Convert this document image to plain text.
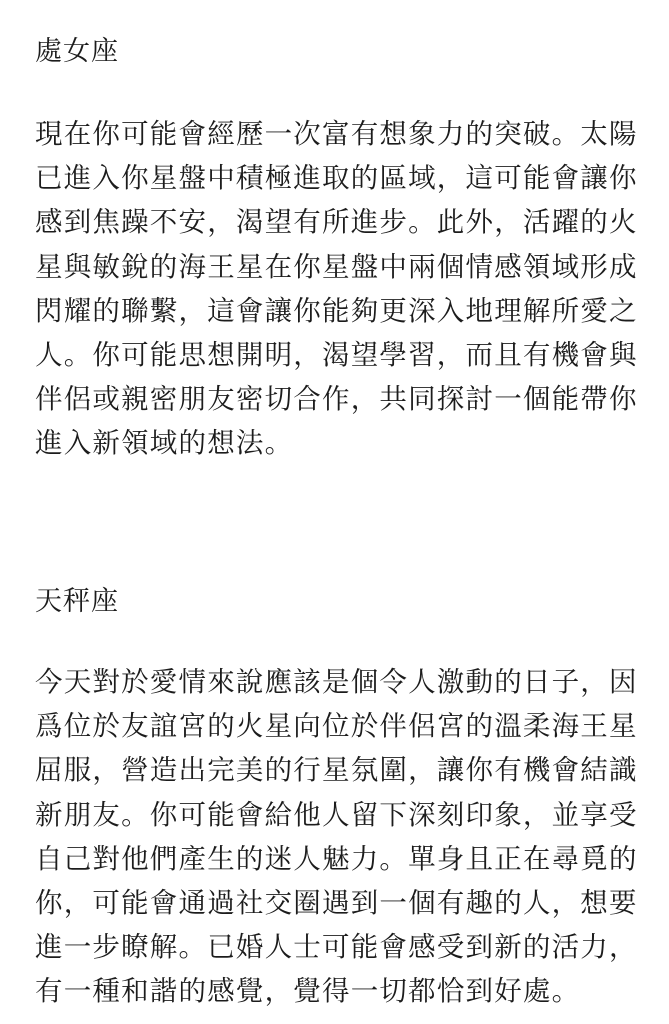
處女座

現在你可能會經歷一次富有想象力的突破。太陽已進入你星盤中積極進取的區域，這可能會讓你感到焦躁不安，渴望有所進步。此外，活躍的火星與敏銳的海王星在你星盤中兩個情感領域形成閃耀的聯繫，這會讓你能夠更深入地理解所愛之人。你可能思想開明，渴望學習，而且有機會與伴侶或親密朋友密切合作，共同探討一個能帶你進入新領域的想法。

天秤座

今天對於愛情來說應該是個令人激動的日子，因爲位於友誼宮的火星向位於伴侶宮的溫柔海王星屈服，營造出完美的行星氛圍，讓你有機會結識新朋友。你可能會給他人留下深刻印象，並享受自己對他們產生的迷人魅力。單身且正在尋覓的你，可能會通過社交圈遇到一個有趣的人，想要進一步瞭解。已婚人士可能會感受到新的活力，有一種和諧的感覺，覺得一切都恰到好處。
